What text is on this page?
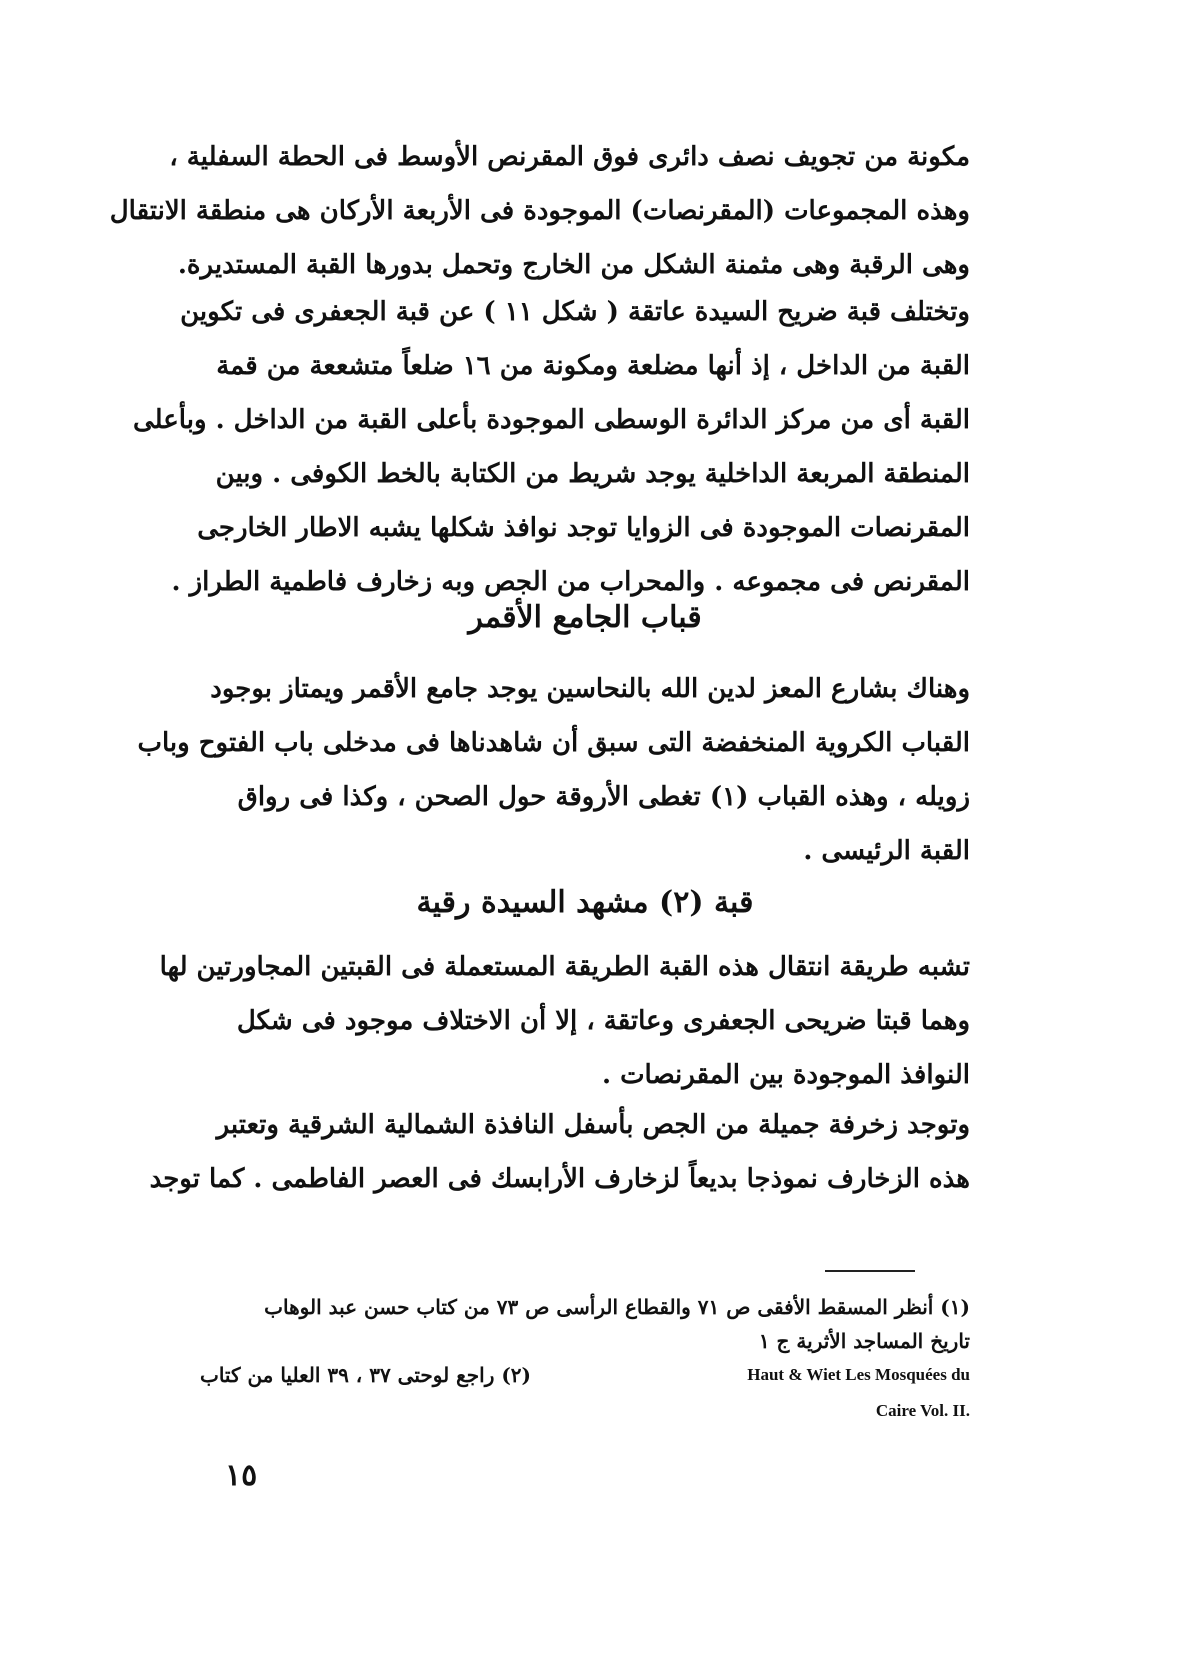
مكونة من تجويف نصف دائرى فوق المقرنص الأوسط فى الحطة السفلية ،
وهذه المجموعات (المقرنصات) الموجودة فى الأربعة الأركان هى منطقة الانتقال
وهى الرقبة وهى مثمنة الشكل من الخارج وتحمل بدورها القبة المستديرة.
وتختلف قبة ضريح السيدة عاتقة ( شكل ١١ ) عن قبة الجعفرى فى تكوين
القبة من الداخل ، إذ أنها مضلعة ومكونة من ١٦ ضلعاً متشععة من قمة
القبة أى من مركز الدائرة الوسطى الموجودة بأعلى القبة من الداخل . وبأعلى
المنطقة المربعة الداخلية يوجد شريط من الكتابة بالخط الكوفى . وبين
المقرنصات الموجودة فى الزوايا توجد نوافذ شكلها يشبه الاطار الخارجى
المقرنص فى مجموعه . والمحراب من الجص وبه زخارف فاطمية الطراز .
قباب الجامع الأقمر
وهناك بشارع المعز لدين الله بالنحاسين يوجد جامع الأقمر ويمتاز بوجود
القباب الكروية المنخفضة التى سبق أن شاهدناها فى مدخلى باب الفتوح وباب
زويله ، وهذه القباب (١) تغطى الأروقة حول الصحن ، وكذا فى رواق
القبة الرئيسى .
قبة (٢) مشهد السيدة رقية
تشبه طريقة انتقال هذه القبة الطريقة المستعملة فى القبتين المجاورتين لها
وهما قبتا ضريحى الجعفرى وعاتقة ، إلا أن الاختلاف موجود فى شكل
النوافذ الموجودة بين المقرنصات .
وتوجد زخرفة جميلة من الجص بأسفل النافذة الشمالية الشرقية وتعتبر
هذه الزخارف نموذجا بديعاً لزخارف الأرابسك فى العصر الفاطمى . كما توجد
(١) أنظر المسقط الأفقى ص ٧١ والقطاع الرأسى ص ٧٣ من كتاب حسن عبد الوهاب
تاريخ المساجد الأثرية ج ١
(٢) راجع لوحتى ٣٧ ، ٣٩ العليا من كتاب	Haut & Wiet Les Mosquées du
Caire Vol. II.
١٥
